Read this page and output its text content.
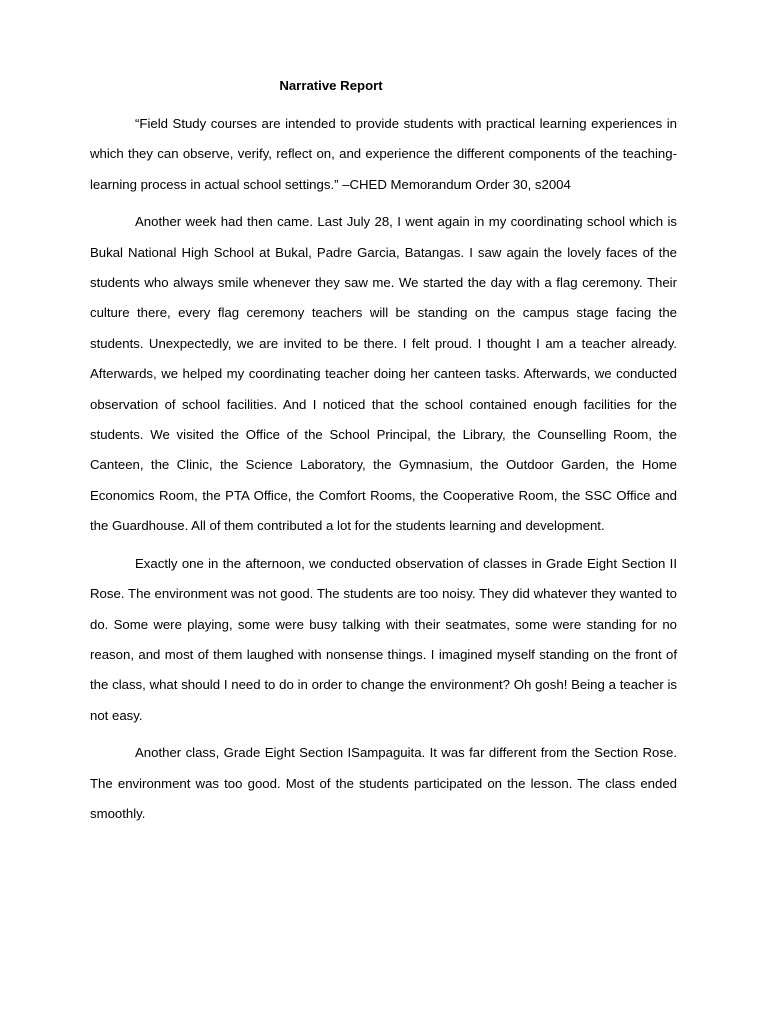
Narrative Report

“Field Study courses are intended to provide students with practical learning experiences in which they can observe, verify, reflect on, and experience the different components of the teaching- learning process in actual school settings.” –CHED Memorandum Order 30, s2004

Another week had then came. Last July 28, I went again in my coordinating school which is Bukal National High School at Bukal, Padre Garcia, Batangas. I saw again the lovely faces of the students who always smile whenever they saw me. We started the day with a flag ceremony. Their culture there, every flag ceremony teachers will be standing on the campus stage facing the students. Unexpectedly, we are invited to be there. I felt proud. I thought I am a teacher already. Afterwards, we helped my coordinating teacher doing her canteen tasks. Afterwards, we conducted observation of school facilities. And I noticed that the school contained enough facilities for the students. We visited the Office of the School Principal, the Library, the Counselling Room, the Canteen, the Clinic, the Science Laboratory, the Gymnasium, the Outdoor Garden, the Home Economics Room, the PTA Office, the Comfort Rooms, the Cooperative Room, the SSC Office and the Guardhouse. All of them contributed a lot for the students learning and development.

Exactly one in the afternoon, we conducted observation of classes in Grade Eight Section II Rose. The environment was not good. The students are too noisy. They did whatever they wanted to do. Some were playing, some were busy talking with their seatmates, some were standing for no reason, and most of them laughed with nonsense things. I imagined myself standing on the front of the class, what should I need to do in order to change the environment? Oh gosh! Being a teacher is not easy.

Another class, Grade Eight Section ISampaguita. It was far different from the Section Rose. The environment was too good. Most of the students participated on the lesson. The class ended smoothly.
